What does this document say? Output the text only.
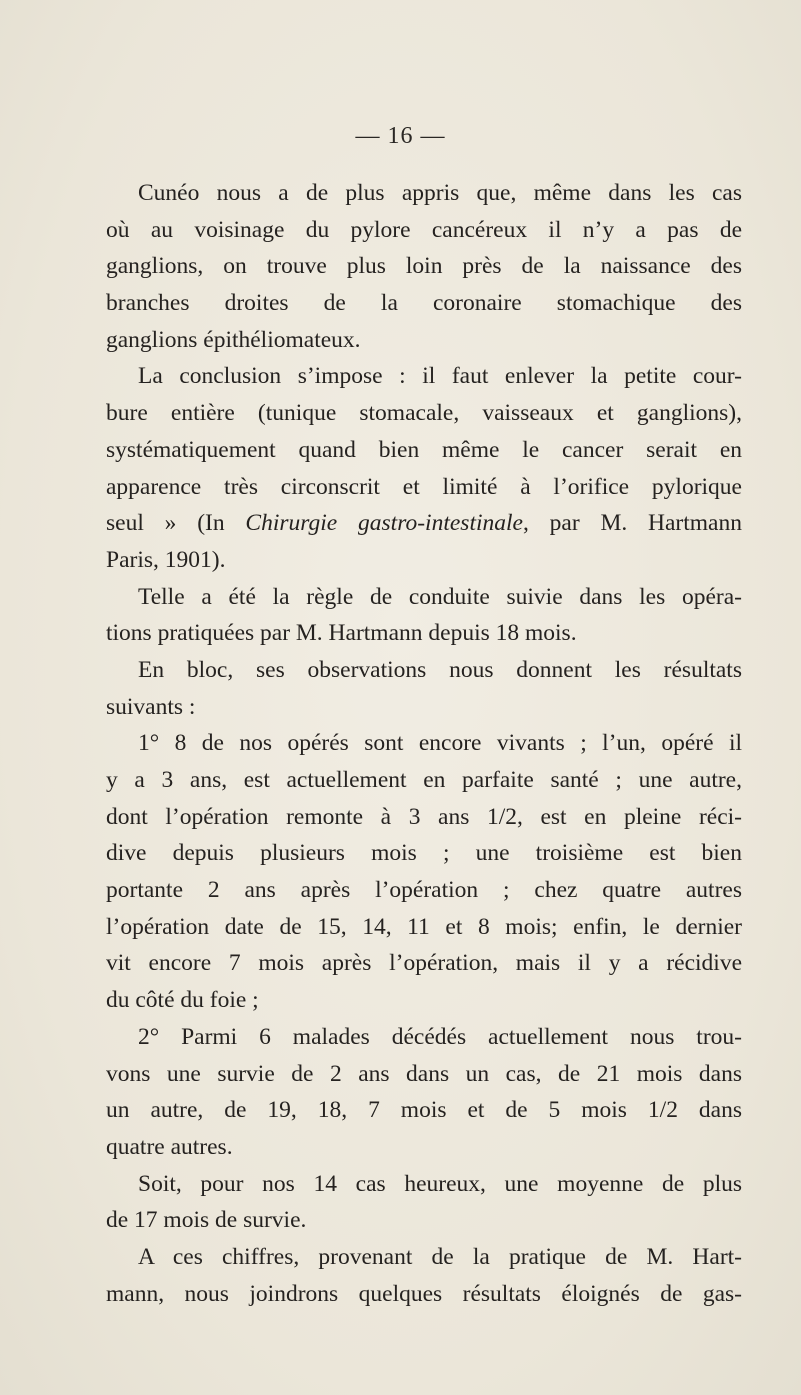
— 16 —
Cunéo nous a de plus appris que, même dans les cas
où au voisinage du pylore cancéreux il n’y a pas de
ganglions, on trouve plus loin près de la naissance des
branches droites de la coronaire stomachique des
ganglions épithéliomateux.
La conclusion s’impose : il faut enlever la petite cour-
bure entière (tunique stomacale, vaisseaux et ganglions),
systématiquement quand bien même le cancer serait en
apparence très circonscrit et limité à l’orifice pylorique
seul » (In Chirurgie gastro-intestinale, par M. Hartmann
Paris, 1901).
Telle a été la règle de conduite suivie dans les opéra-
tions pratiquées par M. Hartmann depuis 18 mois.
En bloc, ses observations nous donnent les résultats
suivants :
1° 8 de nos opérés sont encore vivants ; l’un, opéré il
y a 3 ans, est actuellement en parfaite santé ; une autre,
dont l’opération remonte à 3 ans 1/2, est en pleine réci-
dive depuis plusieurs mois ; une troisième est bien
portante 2 ans après l’opération ; chez quatre autres
l’opération date de 15, 14, 11 et 8 mois; enfin, le dernier
vit encore 7 mois après l’opération, mais il y a récidive
du côté du foie ;
2° Parmi 6 malades décédés actuellement nous trou-
vons une survie de 2 ans dans un cas, de 21 mois dans
un autre, de 19, 18, 7 mois et de 5 mois 1/2 dans
quatre autres.
Soit, pour nos 14 cas heureux, une moyenne de plus
de 17 mois de survie.
A ces chiffres, provenant de la pratique de M. Hart-
mann, nous joindrons quelques résultats éloignés de gas-
